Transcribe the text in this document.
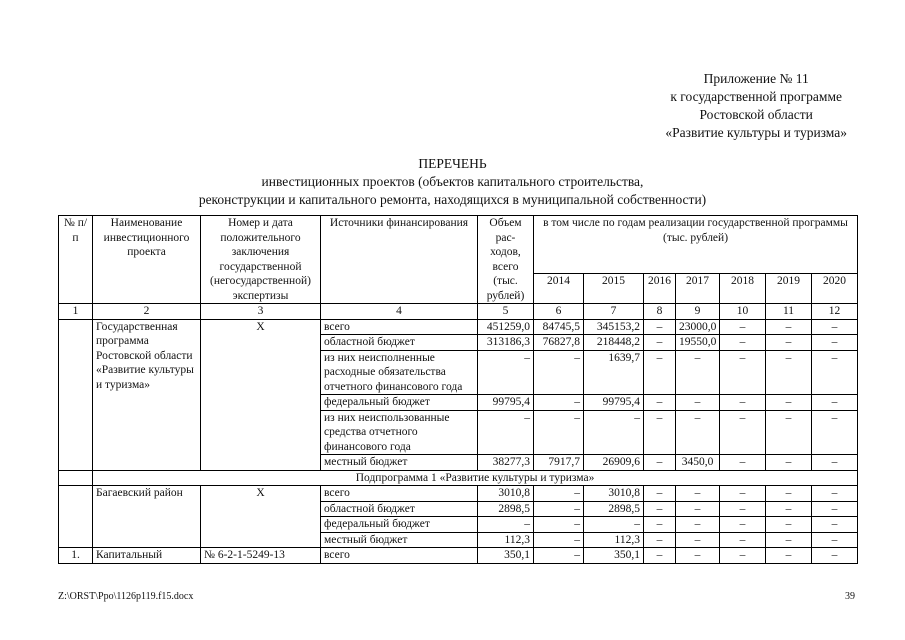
Приложение № 11
к государственной программе
Ростовской области
«Развитие культуры и туризма»
ПЕРЕЧЕНЬ
инвестиционных проектов (объектов капитального строительства,
реконструкции и капитального ремонта, находящихся в муниципальной собственности)
№ п/п	Наименование инвестиционного проекта	Номер и дата положительного заключения государственной (негосударственной) экспертизы	Источники финансирования	Объем рас-ходов, всего (тыс. рублей)	в том числе по годам реализации государственной программы (тыс. рублей)						
					2014	2015	2016	2017	2018	2019	2020
1	2	3	4	5	6	7	8	9	10	11	12
	Государственная программа Ростовской области «Развитие культуры и туризма»	Х	всего	451259,0	84745,5	345153,2	–	23000,0	–	–	–
			областной бюджет	313186,3	76827,8	218448,2	–	19550,0	–	–	–
			из них неисполненные расходные обязательства отчетного финансового года	–	–	1639,7	–	–	–	–	–
			федеральный бюджет	99795,4	–	99795,4	–	–	–	–	–
			из них неиспользованные средства отчетного финансового года	–	–	–	–	–	–	–	–
			местный бюджет	38277,3	7917,7	26909,6	–	3450,0	–	–	–
	Подпрограмма 1 «Развитие культуры и туризма»										
	Багаевский район	Х	всего	3010,8	–	3010,8	–	–	–	–	–
			областной бюджет	2898,5	–	2898,5	–	–	–	–	–
			федеральный бюджет	–	–	–	–	–	–	–	–
			местный бюджет	112,3	–	112,3	–	–	–	–	–
1.	Капитальный	№ 6-2-1-5249-13	всего	350,1	–	350,1	–	–	–	–	–
Z:\ORST\Ppo\1126p119.f15.docx	39
